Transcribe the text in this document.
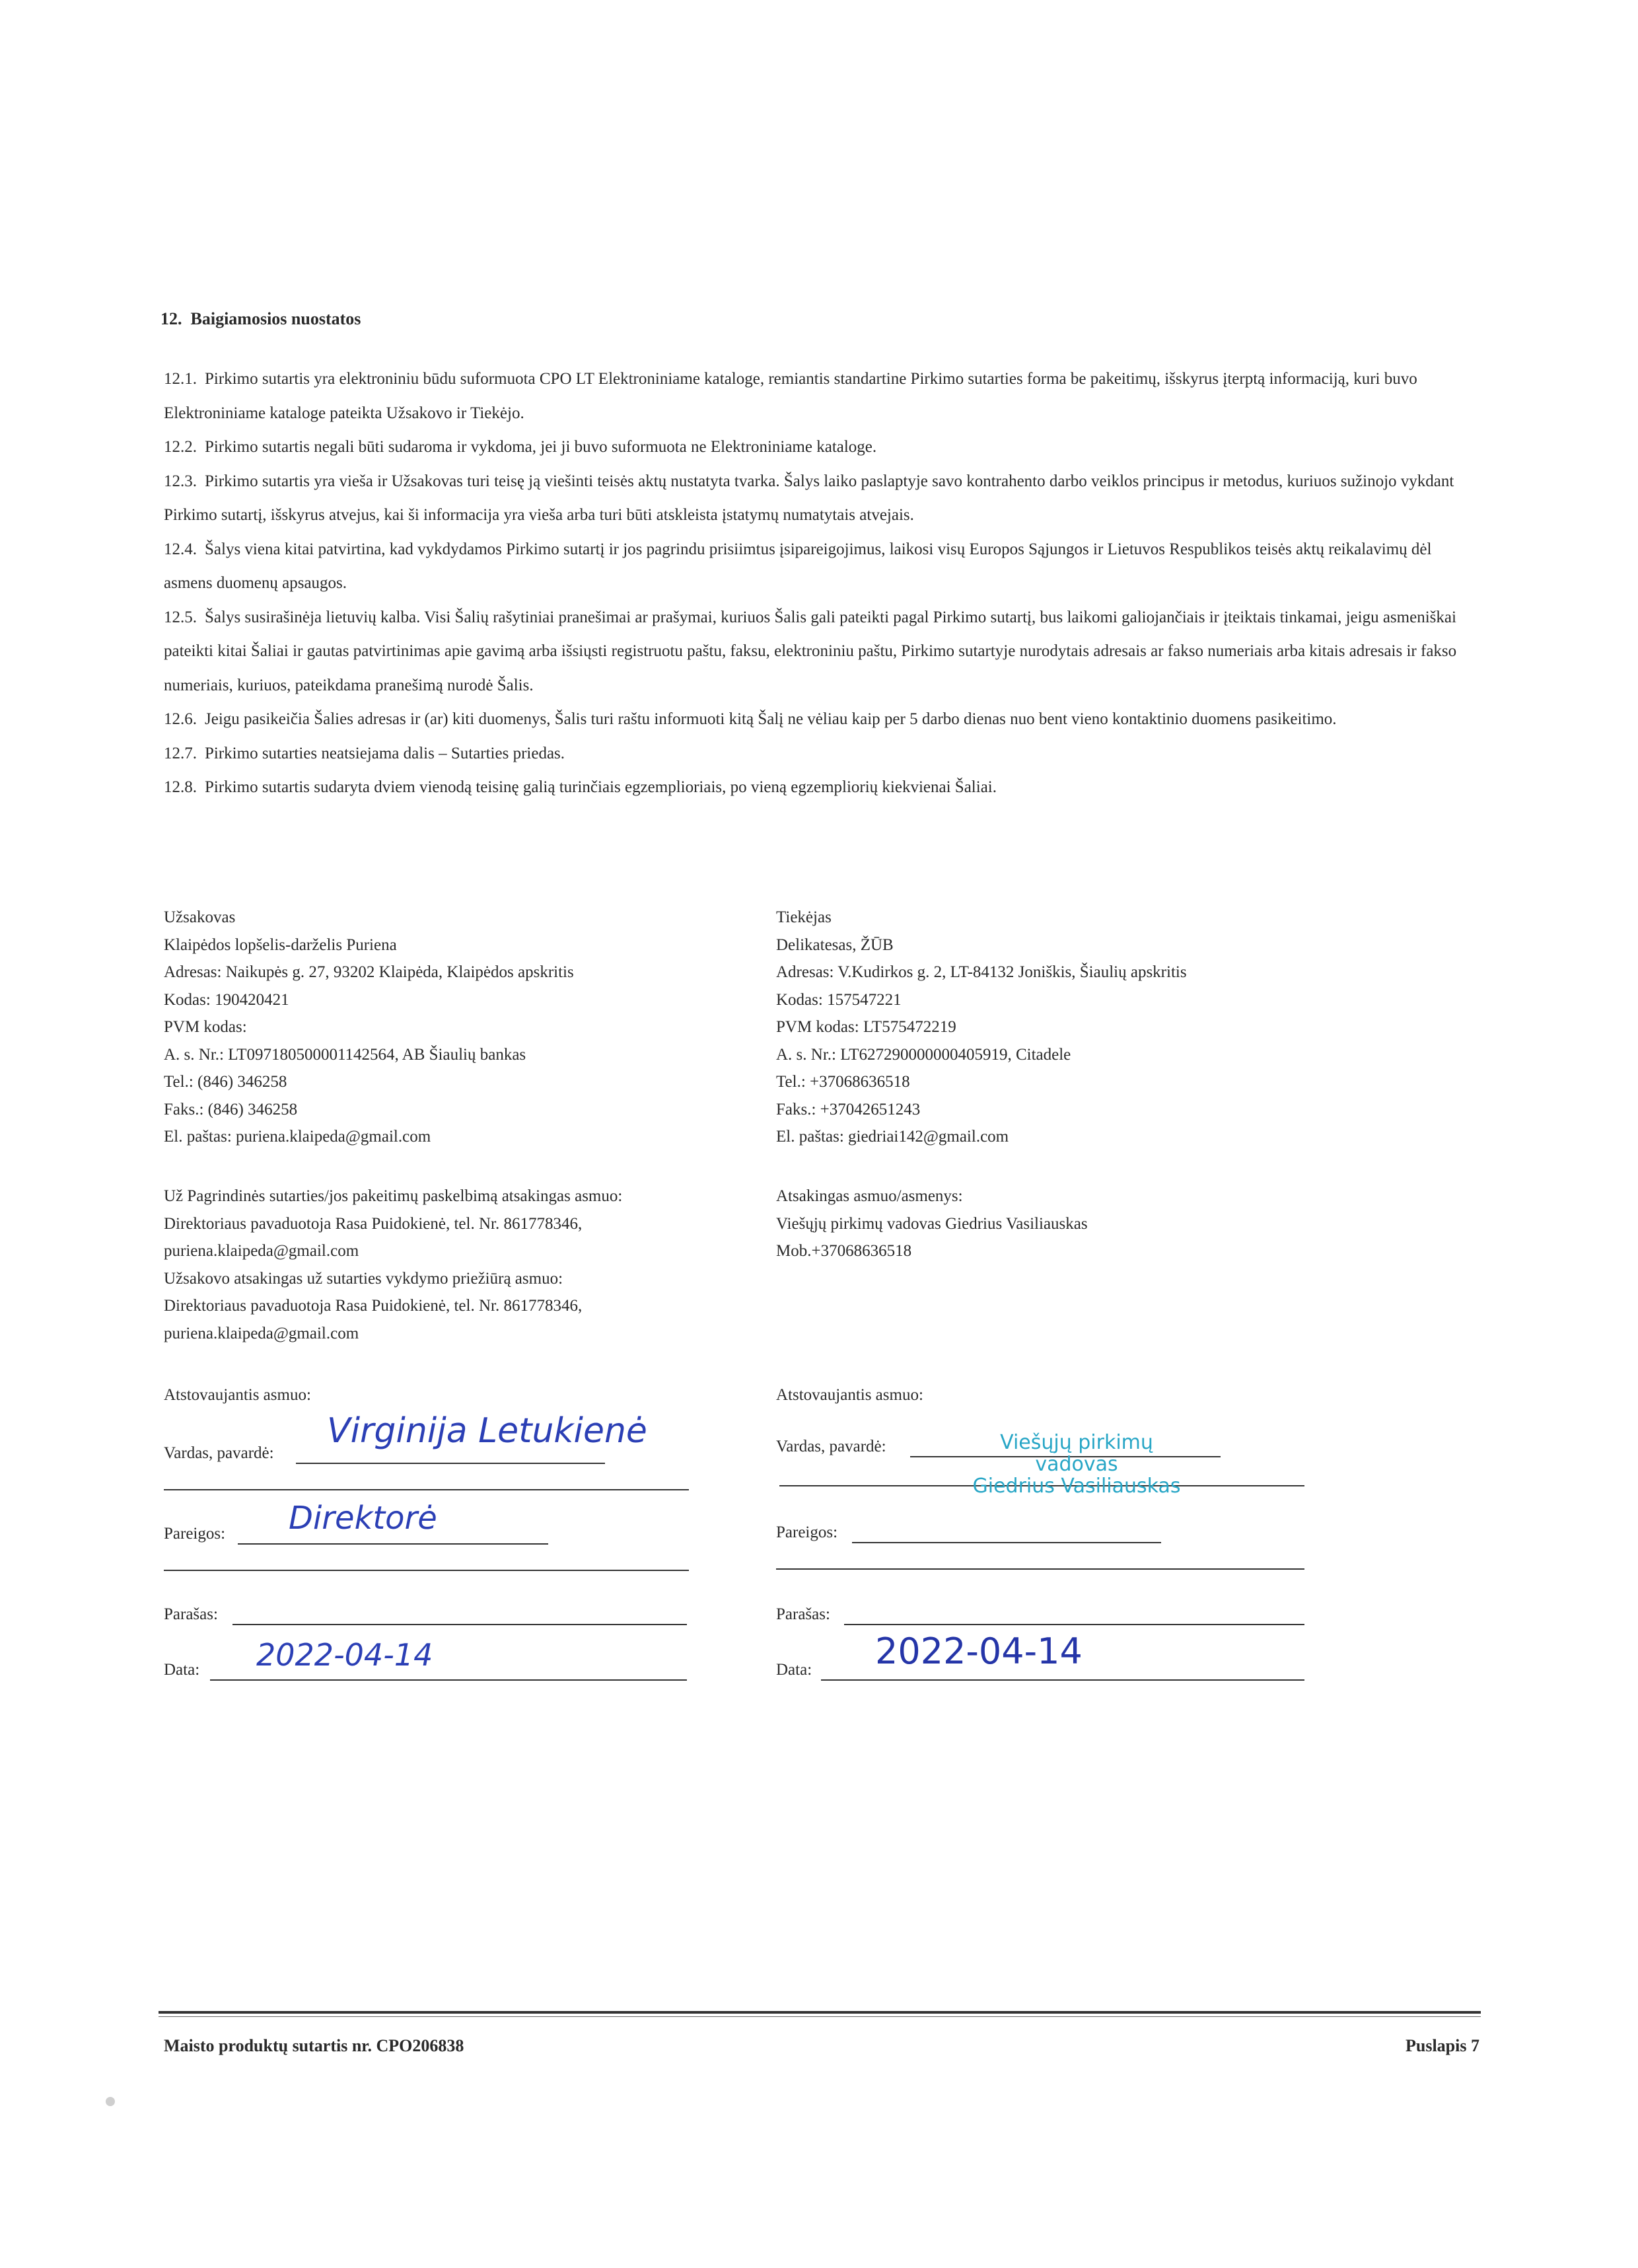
12.  Baigiamosios nuostatos

12.1. Pirkimo sutartis yra elektroniniu būdu suformuota CPO LT Elektroniniame kataloge, remiantis standartine Pirkimo sutarties forma be pakeitimų, išskyrus įterptą informaciją, kuri buvo Elektroniniame kataloge pateikta Užsakovo ir Tiekėjo.

12.2. Pirkimo sutartis negali būti sudaroma ir vykdoma, jei ji buvo suformuota ne Elektroniniame kataloge.

12.3. Pirkimo sutartis yra vieša ir Užsakovas turi teisę ją viešinti teisės aktų nustatyta tvarka. Šalys laiko paslaptyje savo kontrahento darbo veiklos principus ir metodus, kuriuos sužinojo vykdant Pirkimo sutartį, išskyrus atvejus, kai ši informacija yra vieša arba turi būti atskleista įstatymų numatytais atvejais.

12.4. Šalys viena kitai patvirtina, kad vykdydamos Pirkimo sutartį ir jos pagrindu prisiimtus įsipareigojimus, laikosi visų Europos Sąjungos ir Lietuvos Respublikos teisės aktų reikalavimų dėl asmens duomenų apsaugos.

12.5. Šalys susirašinėja lietuvių kalba. Visi Šalių rašytiniai pranešimai ar prašymai, kuriuos Šalis gali pateikti pagal Pirkimo sutartį, bus laikomi galiojančiais ir įteiktais tinkamai, jeigu asmeniškai pateikti kitai Šaliai ir gautas patvirtinimas apie gavimą arba išsiųsti registruotu paštu, faksu, elektroniniu paštu, Pirkimo sutartyje nurodytais adresais ar fakso numeriais arba kitais adresais ir fakso numeriais, kuriuos, pateikdama pranešimą nurodė Šalis.

12.6. Jeigu pasikeičia Šalies adresas ir (ar) kiti duomenys, Šalis turi raštu informuoti kitą Šalį ne vėliau kaip per 5 darbo dienas nuo bent vieno kontaktinio duomens pasikeitimo.

12.7. Pirkimo sutarties neatsiejama dalis – Sutarties priedas.

12.8. Pirkimo sutartis sudaryta dviem vienodą teisinę galią turinčiais egzemplioriais, po vieną egzempliorių kiekvienai Šaliai.

Užsakovas
Klaipėdos lopšelis-darželis Puriena
Adresas: Naikupės g. 27, 93202 Klaipėda, Klaipėdos apskritis
Kodas: 190420421
PVM kodas:
A. s. Nr.: LT097180500001142564, AB Šiaulių bankas
Tel.: (846) 346258
Faks.: (846) 346258
El. paštas: puriena.klaipeda@gmail.com
Tiekėjas
Delikatesas, ŽŪB
Adresas: V.Kudirkos g. 2, LT-84132 Joniškis, Šiaulių apskritis
Kodas: 157547221
PVM kodas: LT575472219
A. s. Nr.: LT627290000000405919, Citadele
Tel.: +37068636518
Faks.: +37042651243
El. paštas: giedriai142@gmail.com
Už Pagrindinės sutarties/jos pakeitimų paskelbimą atsakingas asmuo:
Direktoriaus pavaduotoja Rasa Puidokienė, tel. Nr. 861778346,
puriena.klaipeda@gmail.com
Užsakovo atsakingas už sutarties vykdymo priežiūrą asmuo:
Direktoriaus pavaduotoja Rasa Puidokienė, tel. Nr. 861778346,
puriena.klaipeda@gmail.com
Atsakingas asmuo/asmenys:
Viešųjų pirkimų vadovas Giedrius Vasiliauskas
Mob.+37068636518
Atstovaujantis asmuo:
Vardas, pavardė:
Virginija Letukienė
Pareigos: Direktorė
Parašas:
Data: 2022-04-14
Atstovaujantis asmuo:
Vardas, pavardė:	Viešųjų pirkimų
vadovas
Giedrius Vasiliauskas
Pareigos:
Parašas:
Data: 2022-04-14
Maisto produktų sutartis nr. CPO206838	Puslapis 7
